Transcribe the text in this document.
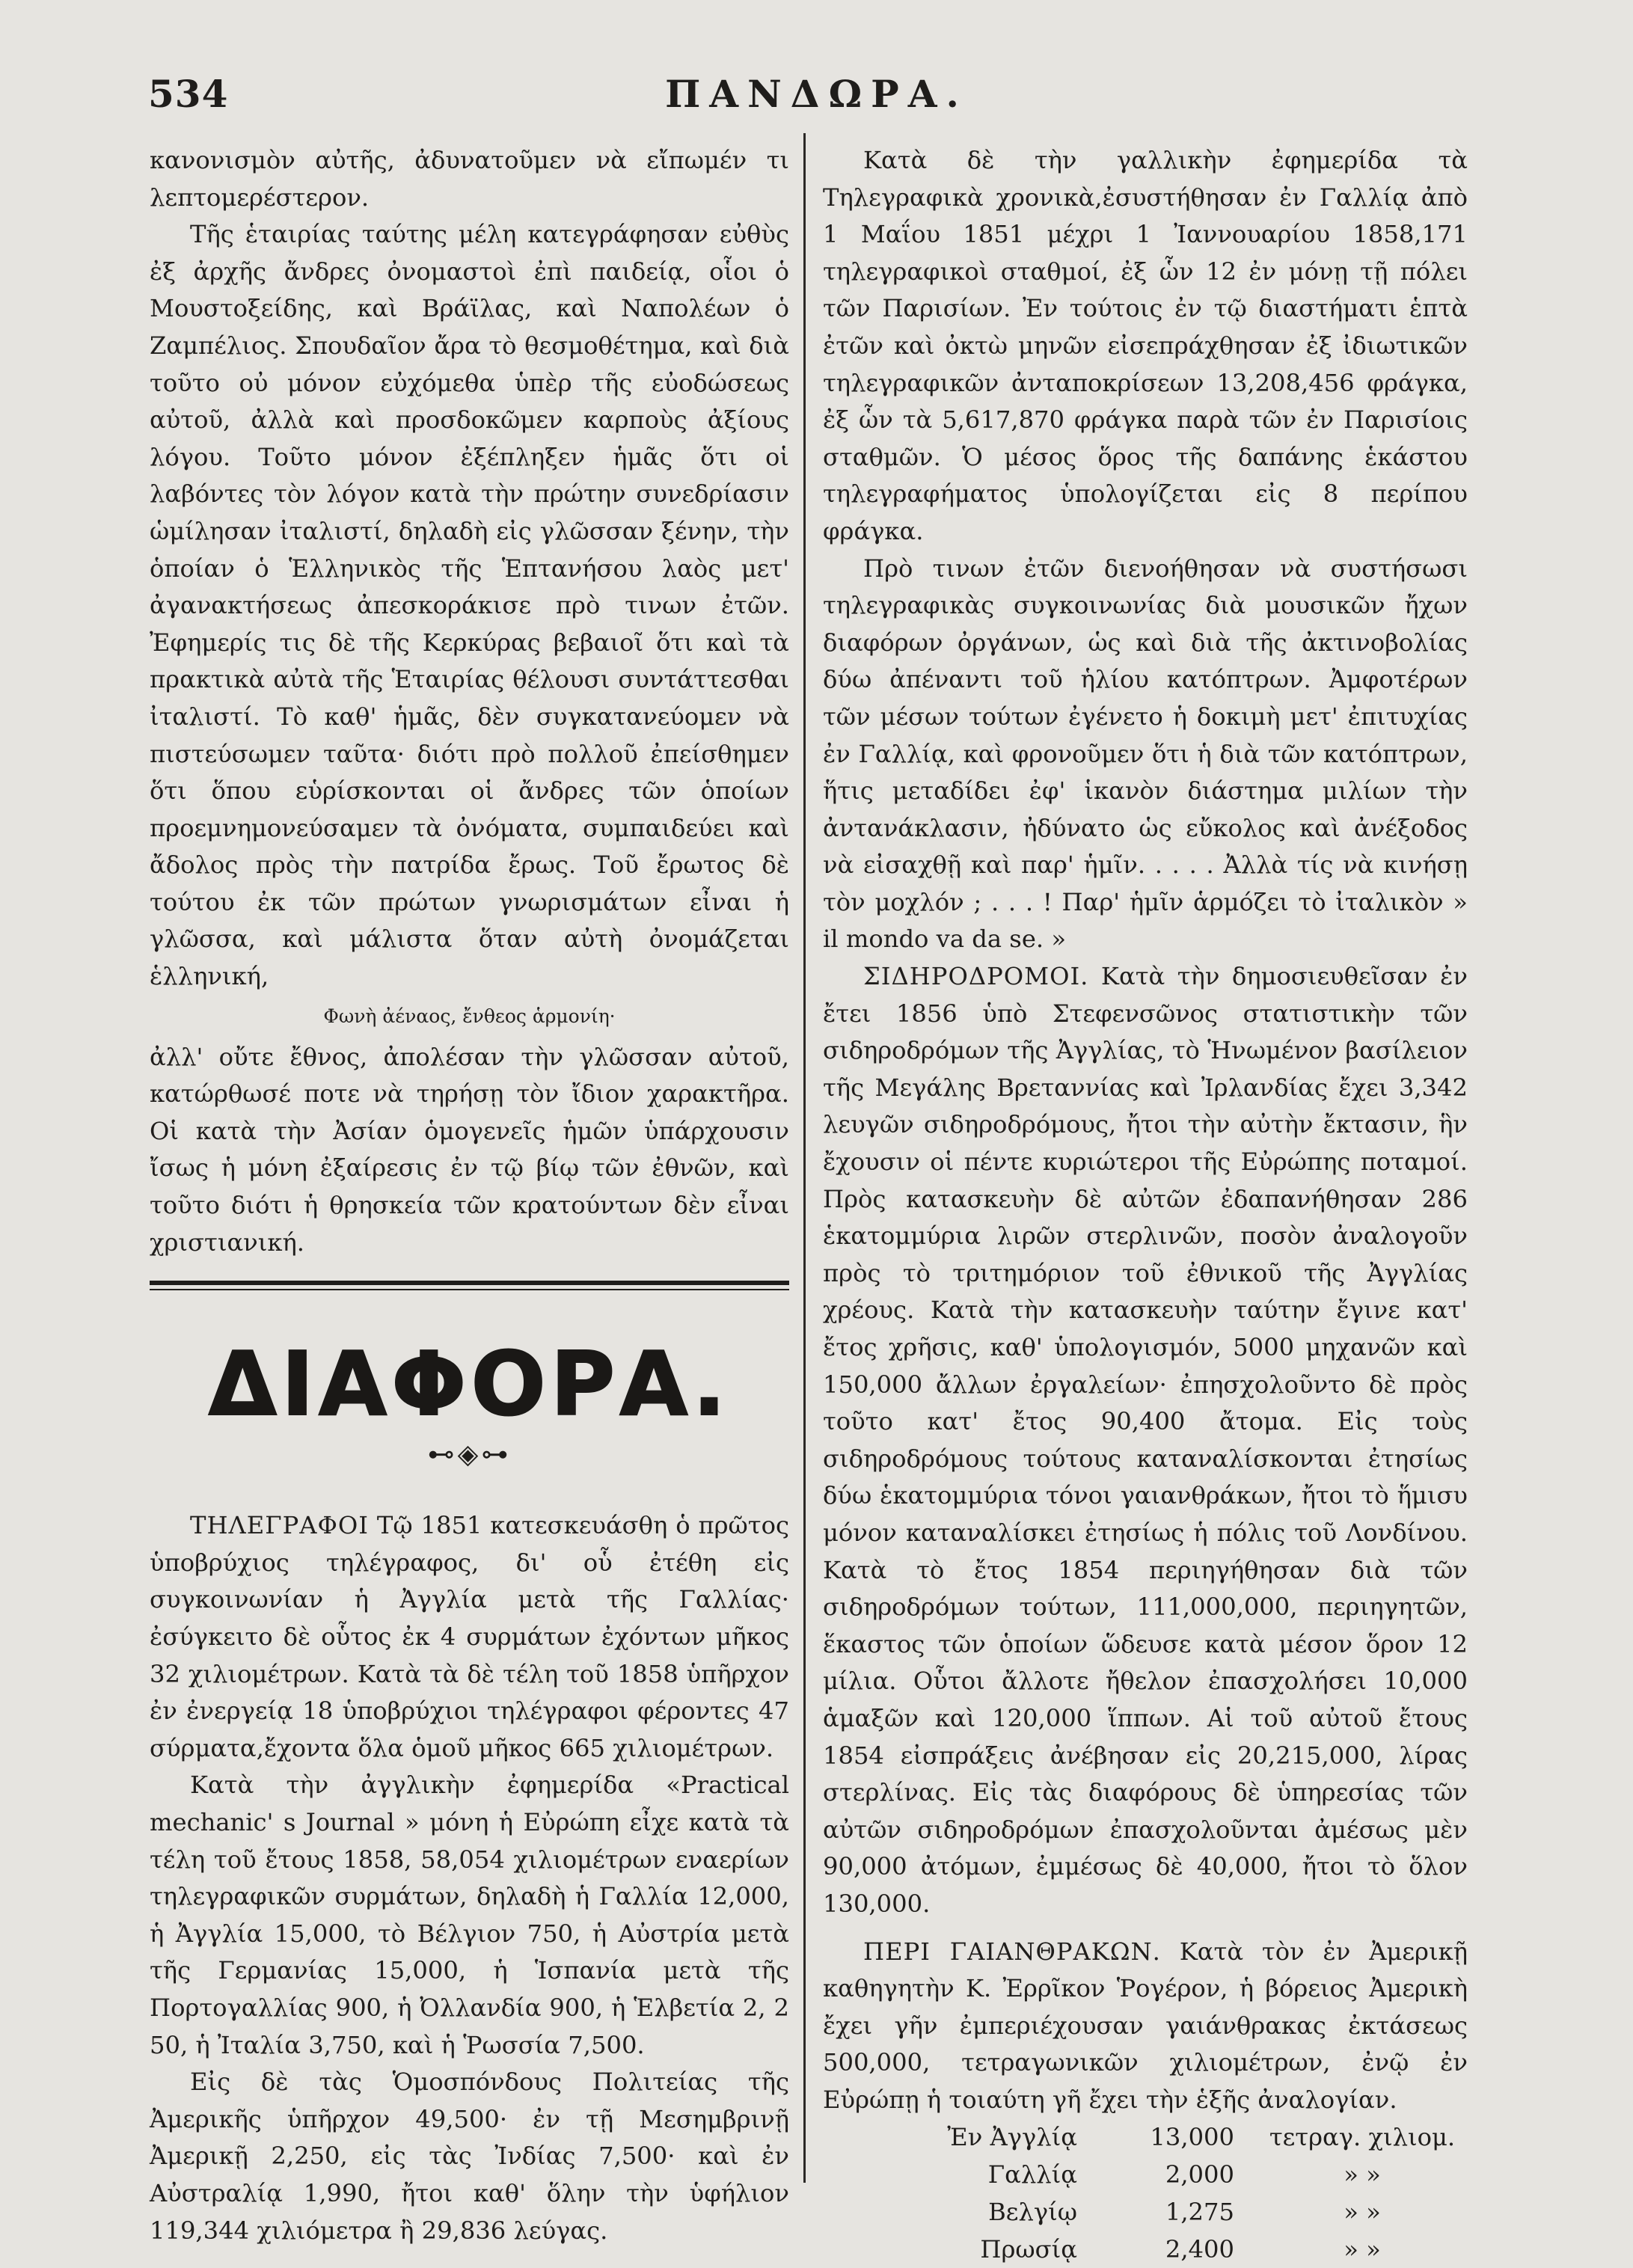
534	ΠΑΝΔΩΡΑ.

κανονισμὸν αὐτῆς, ἀδυνατοῦμεν νὰ εἴπωμέν τι λεπτομερέστερον.

Τῆς ἑταιρίας ταύτης μέλη κατεγράφησαν εὐθὺς ἐξ ἀρχῆς ἄνδρες ὀνομαστοὶ ἐπὶ παιδείᾳ, οἷοι ὁ Μουστοξείδης, καὶ Βράϊλας, καὶ Ναπολέων ὁ Ζαμπέλιος. Σπουδαῖον ἄρα τὸ θεσμοθέτημα, καὶ διὰ τοῦτο οὐ μόνον εὐχόμεθα ὑπὲρ τῆς εὐοδώσεως αὐτοῦ, ἀλλὰ καὶ προσδοκῶμεν καρποὺς ἀξίους λόγου. Τοῦτο μόνον ἐξέπληξεν ἡμᾶς ὅτι οἱ λαβόντες τὸν λόγον κατὰ τὴν πρώτην συνεδρίασιν ὡμίλησαν ἰταλιστί, δηλαδὴ εἰς γλῶσσαν ξένην, τὴν ὁποίαν ὁ Ἑλληνικὸς τῆς Ἑπτανήσου λαὸς μετ' ἀγανακτήσεως ἀπεσκοράκισε πρὸ τινων ἐτῶν. Ἐφημερίς τις δὲ τῆς Κερκύρας βεβαιοῖ ὅτι καὶ τὰ πρακτικὰ αὐτὰ τῆς Ἑταιρίας θέλουσι συντάττεσθαι ἰταλιστί. Τὸ καθ' ἡμᾶς, δὲν συγκατανεύομεν νὰ πιστεύσωμεν ταῦτα· διότι πρὸ πολλοῦ ἐπείσθημεν ὅτι ὅπου εὑρίσκονται οἱ ἄνδρες τῶν ὁποίων προεμνημονεύσαμεν τὰ ὀνόματα, συμπαιδεύει καὶ ἄδολος πρὸς τὴν πατρίδα ἔρως. Τοῦ ἔρωτος δὲ τούτου ἐκ τῶν πρώτων γνωρισμάτων εἶναι ἡ γλῶσσα, καὶ μάλιστα ὅταν αὐτὴ ὀνομάζεται ἑλληνική,

Φωνὴ ἀέναος, ἔνθεος ἁρμονίη·

ἀλλ' οὔτε ἔθνος, ἀπολέσαν τὴν γλῶσσαν αὐτοῦ, κατώρθωσέ ποτε νὰ τηρήσῃ τὸν ἴδιον χαρακτῆρα. Οἱ κατὰ τὴν Ἀσίαν ὁμογενεῖς ἡμῶν ὑπάρχουσιν ἴσως ἡ μόνη ἐξαίρεσις ἐν τῷ βίῳ τῶν ἐθνῶν, καὶ τοῦτο διότι ἡ θρησκεία τῶν κρατούντων δὲν εἶναι χριστιανική.

ΔΙΑΦΟΡΑ.
⊷◈⊶

ΤΗΛΕΓΡΑΦΟΙ Τῷ 1851 κατεσκευάσθη ὁ πρῶτος ὑποβρύχιος τηλέγραφος, δι' οὗ ἐτέθη εἰς συγκοινωνίαν ἡ Ἀγγλία μετὰ τῆς Γαλλίας· ἐσύγκειτο δὲ οὗτος ἐκ 4 συρμάτων ἐχόντων μῆκος 32 χιλιομέτρων. Κατὰ τὰ δὲ τέλη τοῦ 1858 ὑπῆρχον ἐν ἐνεργείᾳ 18 ὑποβρύχιοι τηλέγραφοι φέροντες 47 σύρματα,ἔχοντα ὅλα ὁμοῦ μῆκος 665 χιλιομέτρων.

Κατὰ τὴν ἀγγλικὴν ἐφημερίδα «Practical mechanic' s Journal » μόνη ἡ Εὐρώπη εἶχε κατὰ τὰ τέλη τοῦ ἔτους 1858, 58,054 χιλιομέτρων εναερίων τηλεγραφικῶν συρμάτων, δηλαδὴ ἡ Γαλλία 12,000, ἡ Ἀγγλία 15,000, τὸ Βέλγιον 750, ἡ Αὐστρία μετὰ τῆς Γερμανίας 15,000, ἡ Ἱσπανία μετὰ τῆς Πορτογαλλίας 900, ἡ Ὀλλανδία 900, ἡ Ἑλβετία 2, 2 50, ἡ Ἰταλία 3,750, καὶ ἡ Ῥωσσία 7,500.

Εἰς δὲ τὰς Ὁμοσπόνδους Πολιτείας τῆς Ἀμερικῆς ὑπῆρχον 49,500· ἐν τῇ Μεσημβρινῇ Ἀμερικῇ 2,250, εἰς τὰς Ἰνδίας 7,500· καὶ ἐν Αὐστραλίᾳ 1,990, ἤτοι καθ' ὅλην τὴν ὑφήλιον 119,344 χιλιόμετρα ἢ 29,836 λεύγας.

Κατὰ δὲ τὴν γαλλικὴν ἐφημερίδα τὰ Τηλεγραφικὰ χρονικὰ,ἐσυστήθησαν ἐν Γαλλίᾳ ἀπὸ 1 Μαΐου 1851 μέχρι 1 Ἰαννουαρίου 1858,171 τηλεγραφικοὶ σταθμοί, ἐξ ὧν 12 ἐν μόνῃ τῇ πόλει τῶν Παρισίων. Ἐν τούτοις ἐν τῷ διαστήματι ἑπτὰ ἐτῶν καὶ ὀκτὼ μηνῶν εἰσεπράχθησαν ἐξ ἰδιωτικῶν τηλεγραφικῶν ἀνταποκρίσεων 13,208,456 φράγκα, ἐξ ὧν τὰ 5,617,870 φράγκα παρὰ τῶν ἐν Παρισίοις σταθμῶν. Ὁ μέσος ὅρος τῆς δαπάνης ἑκάστου τηλεγραφήματος ὑπολογίζεται εἰς 8 περίπου φράγκα.

Πρὸ τινων ἐτῶν διενοήθησαν νὰ συστήσωσι τηλεγραφικὰς συγκοινωνίας διὰ μουσικῶν ἤχων διαφόρων ὀργάνων, ὡς καὶ διὰ τῆς ἀκτινοβολίας δύω ἀπέναντι τοῦ ἡλίου κατόπτρων. Ἀμφοτέρων τῶν μέσων τούτων ἐγένετο ἡ δοκιμὴ μετ' ἐπιτυχίας ἐν Γαλλίᾳ, καὶ φρονοῦμεν ὅτι ἡ διὰ τῶν κατόπτρων, ἥτις μεταδίδει ἐφ' ἱκανὸν διάστημα μιλίων τὴν ἀντανάκλασιν, ἠδύνατο ὡς εὔκολος καὶ ἀνέξοδος νὰ εἰσαχθῇ καὶ παρ' ἡμῖν. . . . . Ἀλλὰ τίς νὰ κινήσῃ τὸν μοχλόν ; . . . ! Παρ' ἡμῖν ἁρμόζει τὸ ἰταλικὸν » il mondo va da se. »

ΣΙΔΗΡΟΔΡΟΜΟΙ. Κατὰ τὴν δημοσιευθεῖσαν ἐν ἔτει 1856 ὑπὸ Στεφενσῶνος στατιστικὴν τῶν σιδηροδρόμων τῆς Ἀγγλίας, τὸ Ἡνωμένον βασίλειον τῆς Μεγάλης Βρεταννίας καὶ Ἰρλανδίας ἔχει 3,342 λευγῶν σιδηροδρόμους, ἤτοι τὴν αὐτὴν ἔκτασιν, ἣν ἔχουσιν οἱ πέντε κυριώτεροι τῆς Εὐρώπης ποταμοί. Πρὸς κατασκευὴν δὲ αὐτῶν ἐδαπανήθησαν 286 ἑκατομμύρια λιρῶν στερλινῶν, ποσὸν ἀναλογοῦν πρὸς τὸ τριτημόριον τοῦ ἐθνικοῦ τῆς Ἀγγλίας χρέους. Κατὰ τὴν κατασκευὴν ταύτην ἔγινε κατ' ἔτος χρῆσις, καθ' ὑπολογισμόν, 5000 μηχανῶν καὶ 150,000 ἄλλων ἐργαλείων· ἐπησχολοῦντο δὲ πρὸς τοῦτο κατ' ἔτος 90,400 ἄτομα. Εἰς τοὺς σιδηροδρόμους τούτους καταναλίσκονται ἐτησίως δύω ἑκατομμύρια τόνοι γαιανθράκων, ἤτοι τὸ ἥμισυ μόνον καταναλίσκει ἐτησίως ἡ πόλις τοῦ Λονδίνου. Κατὰ τὸ ἔτος 1854 περιηγήθησαν διὰ τῶν σιδηροδρόμων τούτων, 111,000,000, περιηγητῶν, ἕκαστος τῶν ὁποίων ὥδευσε κατὰ μέσον ὅρον 12 μίλια. Οὗτοι ἄλλοτε ἤθελον ἐπασχολήσει 10,000 ἁμαξῶν καὶ 120,000 ἵππων. Αἱ τοῦ αὐτοῦ ἔτους 1854 εἰσπράξεις ἀνέβησαν εἰς 20,215,000, λίρας στερλίνας. Εἰς τὰς διαφόρους δὲ ὑπηρεσίας τῶν αὐτῶν σιδηροδρόμων ἐπασχολοῦνται ἀμέσως μὲν 90,000 ἀτόμων, ἐμμέσως δὲ 40,000, ἤτοι τὸ ὅλον 130,000.

ΠΕΡΙ ΓΑΙΑΝΘΡΑΚΩΝ. Κατὰ τὸν ἐν Ἀμερικῇ καθηγητὴν Κ. Ἐρρῖκον Ῥογέρον, ἡ βόρειος Ἀμερικὴ ἔχει γῆν ἐμπεριέχουσαν γαιάνθρακας ἐκτάσεως 500,000, τετραγωνικῶν χιλιομέτρων, ἐνῷ ἐν Εὐρώπῃ ἡ τοιαύτη γῆ ἔχει τὴν ἑξῆς ἀναλογίαν.

Ἐν Ἀγγλίᾳ	13,000	τετραγ. χιλιομ.
Γαλλίᾳ	2,000	» »
Βελγίῳ	1,275	» »
Πρωσίᾳ	2,400	» »
